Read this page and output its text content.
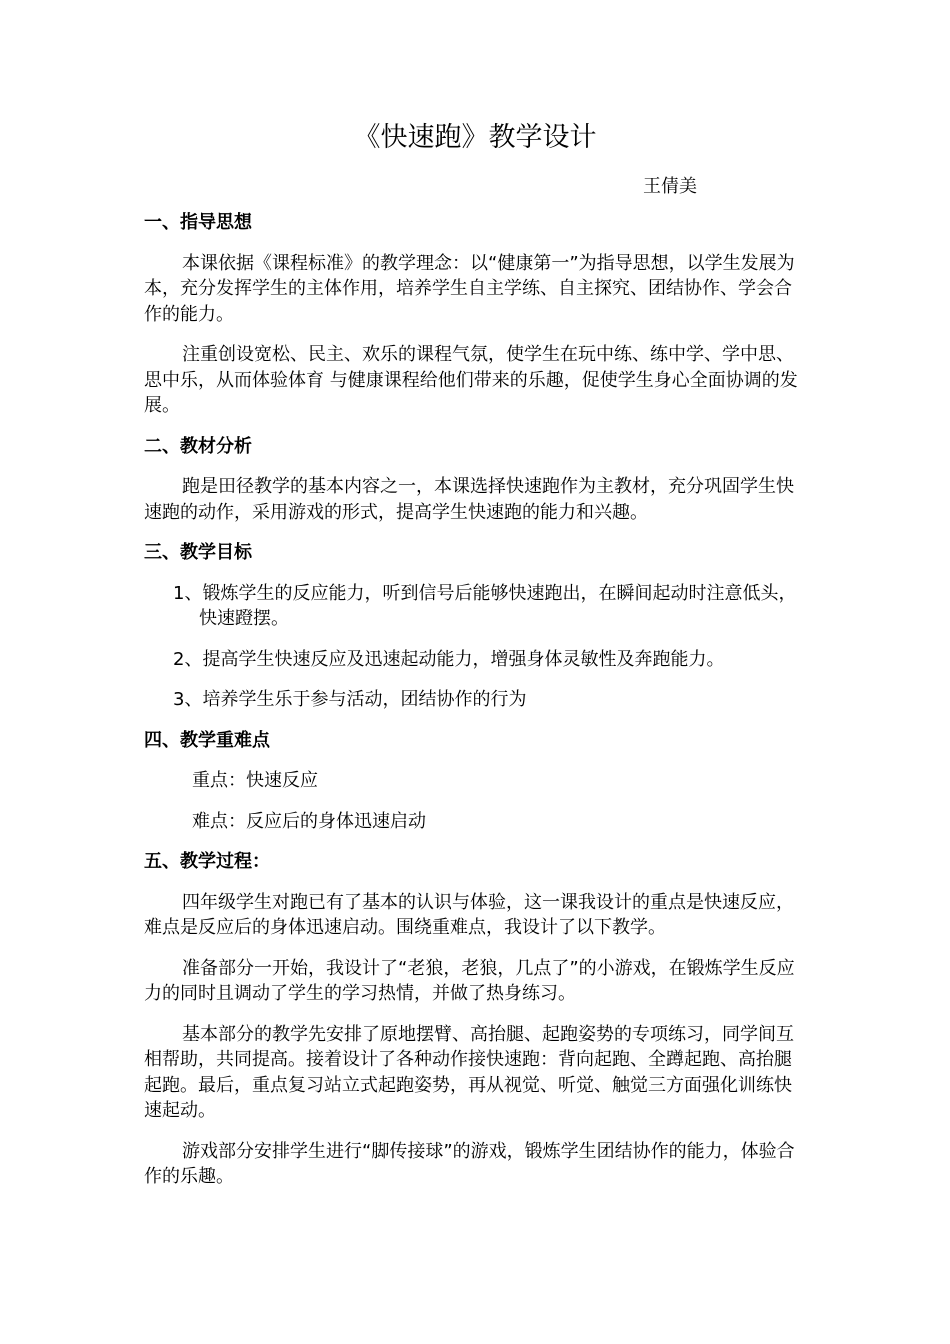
《快速跑》教学设计
王倩美
一、指导思想
本课依据《课程标准》的教学理念：以“健康第一”为指导思想，以学生发展为本，充分发挥学生的主体作用，培养学生自主学练、自主探究、团结协作、学会合作的能力。
注重创设宽松、民主、欢乐的课程气氛，使学生在玩中练、练中学、学中思、思中乐，从而体验体育 与健康课程给他们带来的乐趣，促使学生身心全面协调的发展。
二、教材分析
跑是田径教学的基本内容之一，本课选择快速跑作为主教材，充分巩固学生快速跑的动作，采用游戏的形式，提高学生快速跑的能力和兴趣。
三、教学目标
1、锻炼学生的反应能力，听到信号后能够快速跑出，在瞬间起动时注意低头，快速蹬摆。
2、提高学生快速反应及迅速起动能力，增强身体灵敏性及奔跑能力。
3、培养学生乐于参与活动，团结协作的行为
四、教学重难点
重点：快速反应
难点：反应后的身体迅速启动
五、教学过程：
四年级学生对跑已有了基本的认识与体验，这一课我设计的重点是快速反应，难点是反应后的身体迅速启动。围绕重难点，我设计了以下教学。
准备部分一开始，我设计了“老狼，老狼，几点了”的小游戏，在锻炼学生反应力的同时且调动了学生的学习热情，并做了热身练习。
基本部分的教学先安排了原地摆臂、高抬腿、起跑姿势的专项练习，同学间互相帮助，共同提高。接着设计了各种动作接快速跑：背向起跑、全蹲起跑、高抬腿起跑。最后，重点复习站立式起跑姿势，再从视觉、听觉、触觉三方面强化训练快速起动。
游戏部分安排学生进行“脚传接球”的游戏，锻炼学生团结协作的能力，体验合作的乐趣。
